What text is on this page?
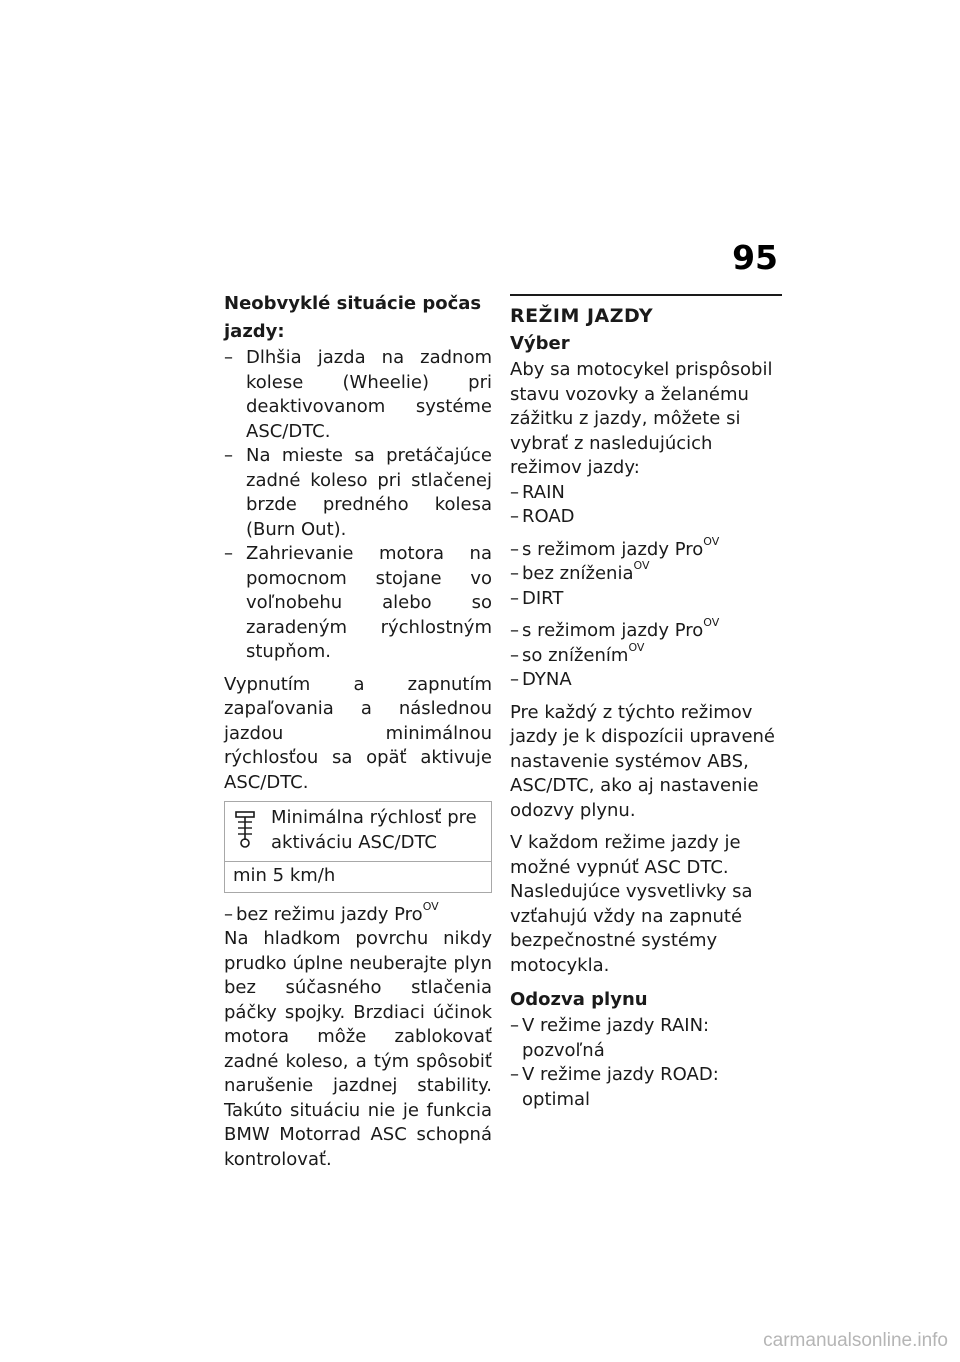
95
Neobvyklé situácie počas jazdy:
– Dlhšia jazda na zadnom kolese (Wheelie) pri deaktivovanom systéme ASC/DTC.
– Na mieste sa pretáčajúce zadné koleso pri stlačenej brzde predného kolesa (Burn Out).
– Zahrievanie motora na pomocnom stojane vo voľnobehu alebo so zaradeným rýchlostným stupňom.

Vypnutím a zapnutím zapaľovania a následnou jazdou minimálnou rýchlosťou sa opäť aktivuje ASC/DTC.

Minimálna rýchlosť pre aktiváciu ASC/DTC
min 5 km/h
– bez režimu jazdy Pro$^{OV}$
Na hladkom povrchu nikdy prudko úplne neuberajte plyn bez súčasného stlačenia páčky spojky. Brzdiaci účinok motora môže zablokovať zadné koleso, a tým spôsobiť narušenie jazdnej stability. Takúto situáciu nie je funkcia BMW Motorrad ASC schopná kontrolovať.
REŽIM JAZDY
Výber
Aby sa motocykel prispôsobil stavu vozovky a želanému zážitku z jazdy, môžete si vybrať z nasledujúcich režimov jazdy:
– RAIN
– ROAD
– s režimom jazdy Pro$^{OV}$
– bez zníženia$^{OV}$
– DIRT
– s režimom jazdy Pro$^{OV}$
– so znížením$^{OV}$
– DYNA

Pre každý z týchto režimov jazdy je k dispozícii upravené nastavenie systémov ABS, ASC/DTC, ako aj nastavenie odozvy plynu.

V každom režime jazdy je možné vypnúť ASC DTC. Nasledujúce vysvetlivky sa vzťahujú vždy na zapnuté bezpečnostné systémy motocykla.

Odozva plynu
– V režime jazdy RAIN: pozvoľná
– V režime jazdy ROAD: optimal
carmanualsonline.info
